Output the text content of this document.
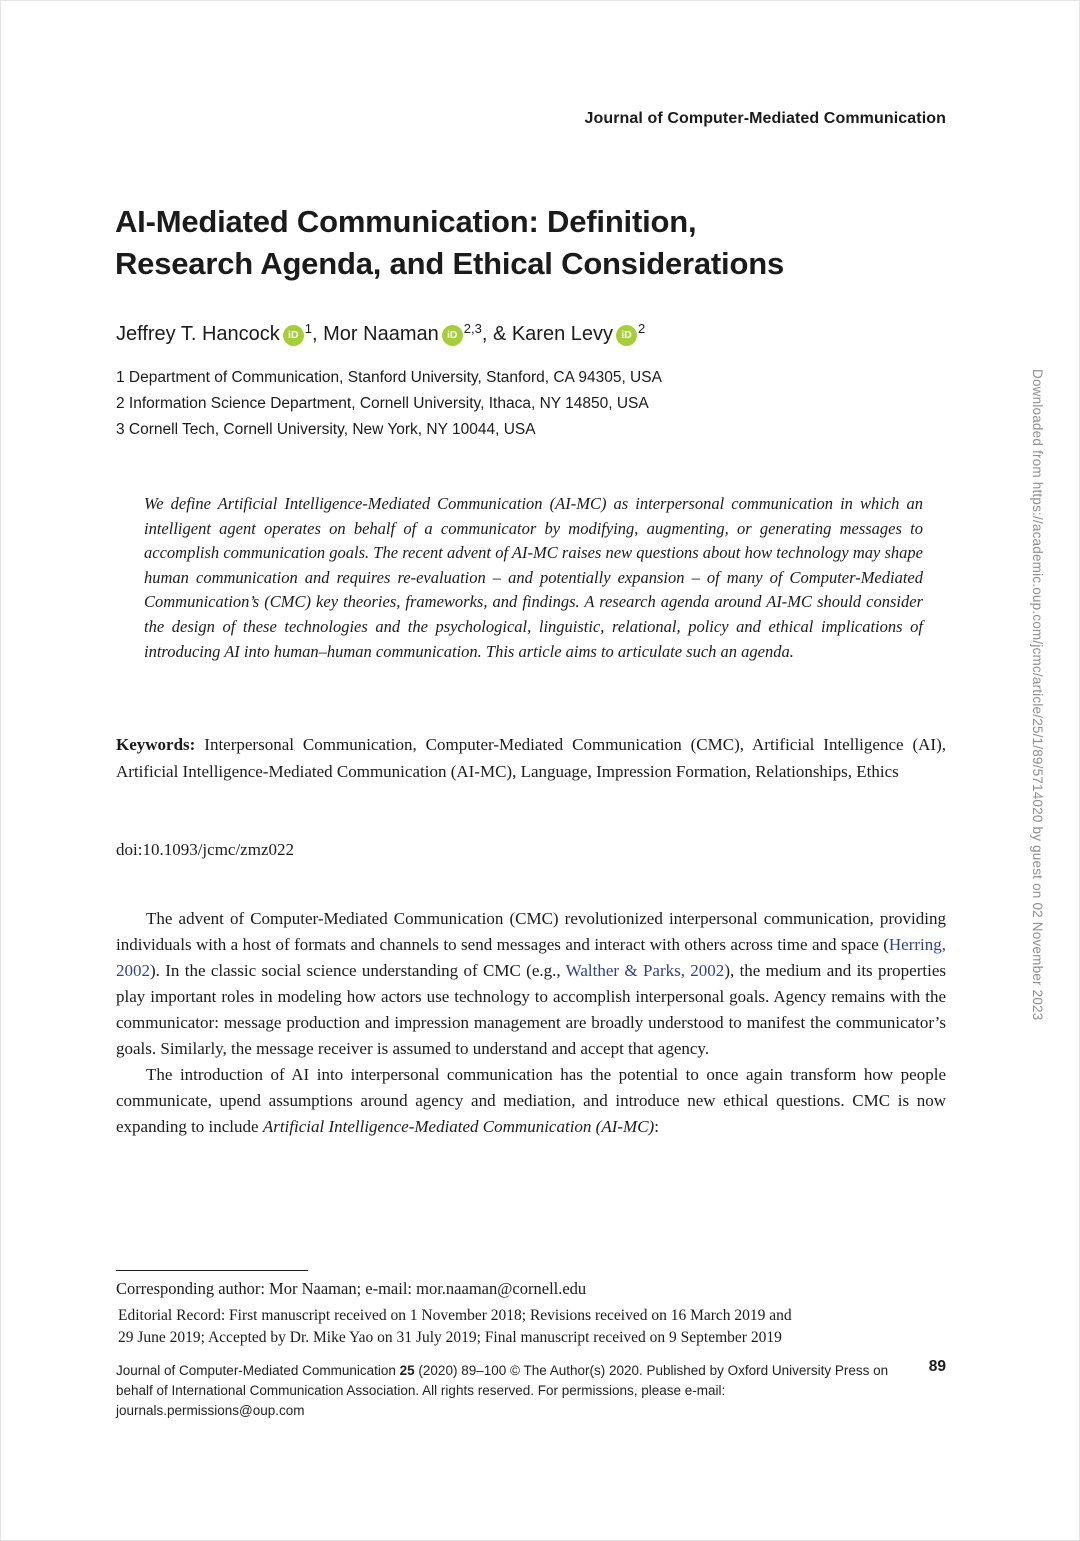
Journal of Computer-Mediated Communication
AI-Mediated Communication: Definition,
Research Agenda, and Ethical Considerations
Jeffrey T. Hancock iD $^1$, Mor Naaman iD $^{2,3}$, & Karen Levy iD $^2$
1 Department of Communication, Stanford University, Stanford, CA 94305, USA
2 Information Science Department, Cornell University, Ithaca, NY 14850, USA
3 Cornell Tech, Cornell University, New York, NY 10044, USA
We define Artificial Intelligence-Mediated Communication (AI-MC) as interpersonal communication in which an intelligent agent operates on behalf of a communicator by modifying, augmenting, or generating messages to accomplish communication goals. The recent advent of AI-MC raises new questions about how technology may shape human communication and requires re-evaluation – and potentially expansion – of many of Computer-Mediated Communication’s (CMC) key theories, frameworks, and findings. A research agenda around AI-MC should consider the design of these technologies and the psychological, linguistic, relational, policy and ethical implications of introducing AI into human–human communication. This article aims to articulate such an agenda.
Keywords: Interpersonal Communication, Computer-Mediated Communication (CMC), Artificial Intelligence (AI), Artificial Intelligence-Mediated Communication (AI-MC), Language, Impression Formation, Relationships, Ethics
doi:10.1093/jcmc/zmz022

The advent of Computer-Mediated Communication (CMC) revolutionized interpersonal communication, providing individuals with a host of formats and channels to send messages and interact with others across time and space (Herring, 2002). In the classic social science understanding of CMC (e.g., Walther & Parks, 2002), the medium and its properties play important roles in modeling how actors use technology to accomplish interpersonal goals. Agency remains with the communicator: message production and impression management are broadly understood to manifest the communicator’s goals. Similarly, the message receiver is assumed to understand and accept that agency.

The introduction of AI into interpersonal communication has the potential to once again transform how people communicate, upend assumptions around agency and mediation, and introduce new ethical questions. CMC is now expanding to include Artificial Intelligence-Mediated Communication (AI-MC):

Corresponding author: Mor Naaman; e-mail: mor.naaman@cornell.edu
Editorial Record: First manuscript received on 1 November 2018; Revisions received on 16 March 2019 and
29 June 2019; Accepted by Dr. Mike Yao on 31 July 2019; Final manuscript received on 9 September 2019
Journal of Computer-Mediated Communication 25 (2020) 89–100 © The Author(s) 2020. Published by Oxford University Press on
behalf of International Communication Association. All rights reserved. For permissions, please e-mail: journals.permissions@oup.com
89
Downloaded from https://academic.oup.com/jcmc/article/25/1/89/5714020 by guest on 02 November 2023
